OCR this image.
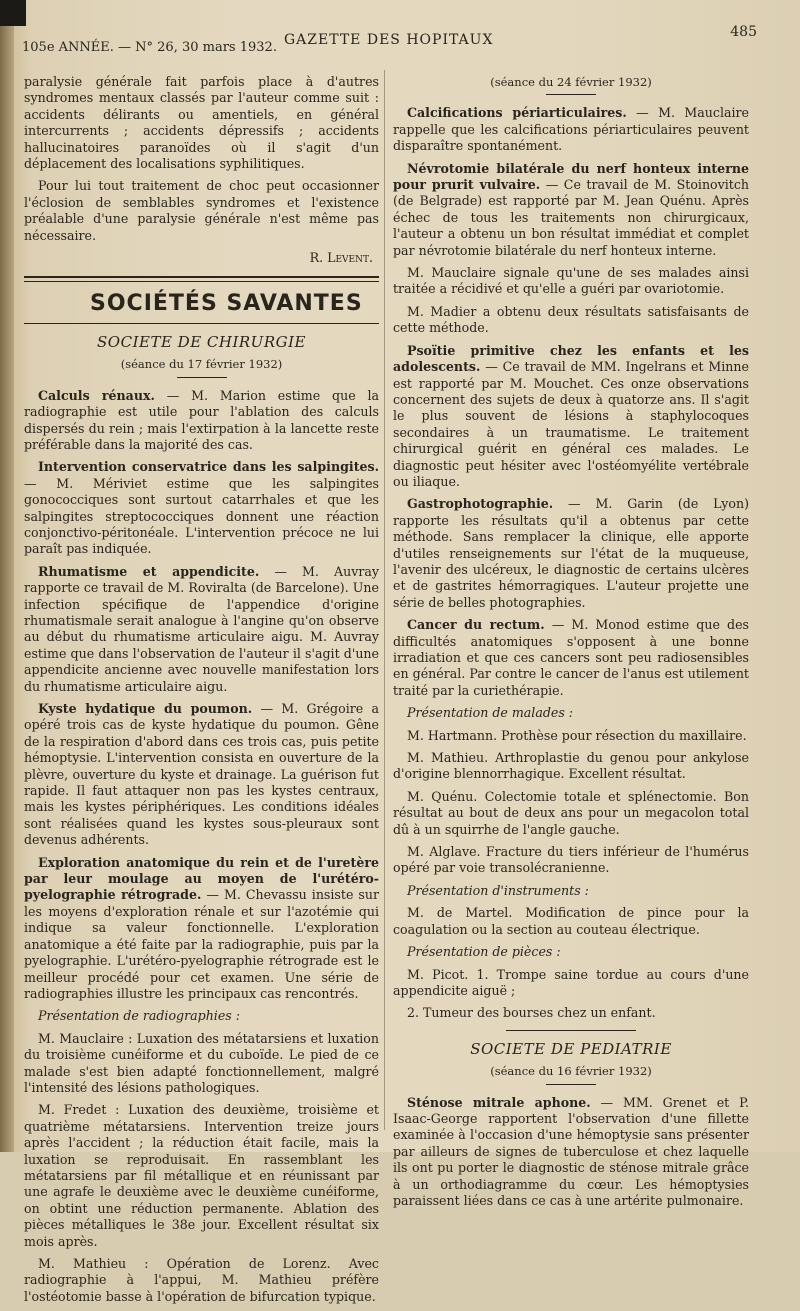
105e ANNÉE. — N° 26, 30 mars 1932. GAZETTE DES HOPITAUX	485

paralysie générale fait parfois place à d'autres syndromes mentaux classés par l'auteur comme suit : accidents délirants ou amentiels, en général intercurrents ; accidents dépressifs ; accidents hallucinatoires paranoïdes où il s'agit d'un déplacement des localisations syphilitiques.

Pour lui tout traitement de choc peut occasionner l'éclosion de semblables syndromes et l'existence préalable d'une paralysie générale n'est même pas nécessaire.

R. Levent.
SOCIÉTÉS SAVANTES
SOCIETE DE CHIRURGIE
(séance du 17 février 1932)

Calculs rénaux. — M. Marion estime que la radiographie est utile pour l'ablation des calculs dispersés du rein ; mais l'extirpation à la lancette reste préférable dans la majorité des cas.

Intervention conservatrice dans les salpingites. — M. Mériviet estime que les salpingites gonococciques sont surtout catarrhales et que les salpingites streptococciques donnent une réaction conjonctivo-péritonéale. L'intervention précoce ne lui paraît pas indiquée.

Rhumatisme et appendicite. — M. Auvray rapporte ce travail de M. Roviralta (de Barcelone). Une infection spécifique de l'appendice d'origine rhumatismale serait analogue à l'angine qu'on observe au début du rhumatisme articulaire aigu. M. Auvray estime que dans l'observation de l'auteur il s'agit d'une appendicite ancienne avec nouvelle manifestation lors du rhumatisme articulaire aigu.

Kyste hydatique du poumon. — M. Grégoire a opéré trois cas de kyste hydatique du poumon. Gêne de la respiration d'abord dans ces trois cas, puis petite hémoptysie. L'intervention consista en ouverture de la plèvre, ouverture du kyste et drainage. La guérison fut rapide. Il faut attaquer non pas les kystes centraux, mais les kystes périphériques. Les conditions idéales sont réalisées quand les kystes sous-pleuraux sont devenus adhérents.

Exploration anatomique du rein et de l'uretère par leur moulage au moyen de l'urétéro-pyelographie rétrograde. — M. Chevassu insiste sur les moyens d'exploration rénale et sur l'azotémie qui indique sa valeur fonctionnelle. L'exploration anatomique a été faite par la radiographie, puis par la pyelographie. L'urétéro-pyelographie rétrograde est le meilleur procédé pour cet examen. Une série de radiographies illustre les principaux cas rencontrés.

Présentation de radiographies :

M. Mauclaire : Luxation des métatarsiens et luxation du troisième cunéiforme et du cuboïde. Le pied de ce malade s'est bien adapté fonctionnellement, malgré l'intensité des lésions pathologiques.

M. Fredet : Luxation des deuxième, troisième et quatrième métatarsiens. Intervention treize jours après l'accident ; la réduction était facile, mais la luxation se reproduisait. En rassemblant les métatarsiens par fil métallique et en réunissant par une agrafe le deuxième avec le deuxième cunéiforme, on obtint une réduction permanente. Ablation des pièces métalliques le 38e jour. Excellent résultat six mois après.

M. Mathieu : Opération de Lorenz. Avec radiographie à l'appui, M. Mathieu préfère l'ostéotomie basse à l'opération de bifurcation typique.

(séance du 24 février 1932)

Calcifications périarticulaires. — M. Mauclaire rappelle que les calcifications périarticulaires peuvent disparaître spontanément.

Névrotomie bilatérale du nerf honteux interne pour prurit vulvaire. — Ce travail de M. Stoinovitch (de Belgrade) est rapporté par M. Jean Quénu. Après échec de tous les traitements non chirurgicaux, l'auteur a obtenu un bon résultat immédiat et complet par névrotomie bilatérale du nerf honteux interne.

M. Mauclaire signale qu'une de ses malades ainsi traitée a récidivé et qu'elle a guéri par ovariotomie.

M. Madier a obtenu deux résultats satisfaisants de cette méthode.

Psoïtie primitive chez les enfants et les adolescents. — Ce travail de MM. Ingelrans et Minne est rapporté par M. Mouchet. Ces onze observations concernent des sujets de deux à quatorze ans. Il s'agit le plus souvent de lésions à staphylocoques secondaires à un traumatisme. Le traitement chirurgical guérit en général ces malades. Le diagnostic peut hésiter avec l'ostéomyélite vertébrale ou iliaque.

Gastrophotographie. — M. Garin (de Lyon) rapporte les résultats qu'il a obtenus par cette méthode. Sans remplacer la clinique, elle apporte d'utiles renseignements sur l'état de la muqueuse, l'avenir des ulcéreux, le diagnostic de certains ulcères et de gastrites hémorragiques. L'auteur projette une série de belles photographies.

Cancer du rectum. — M. Monod estime que des difficultés anatomiques s'opposent à une bonne irradiation et que ces cancers sont peu radiosensibles en général. Par contre le cancer de l'anus est utilement traité par la curiethérapie.

Présentation de malades :

M. Hartmann. Prothèse pour résection du maxillaire.

M. Mathieu. Arthroplastie du genou pour ankylose d'origine blennorrhagique. Excellent résultat.

M. Quénu. Colectomie totale et splénectomie. Bon résultat au bout de deux ans pour un megacolon total dû à un squirrhe de l'angle gauche.

M. Alglave. Fracture du tiers inférieur de l'humérus opéré par voie transolécranienne.

Présentation d'instruments :

M. de Martel. Modification de pince pour la coagulation ou la section au couteau électrique.

Présentation de pièces :

M. Picot. 1. Trompe saine tordue au cours d'une appendicite aiguë ;

2. Tumeur des bourses chez un enfant.

SOCIETE DE PEDIATRIE
(séance du 16 février 1932)

Sténose mitrale aphone. — MM. Grenet et P. Isaac-George rapportent l'observation d'une fillette examinée à l'occasion d'une hémoptysie sans présenter par ailleurs de signes de tuberculose et chez laquelle ils ont pu porter le diagnostic de sténose mitrale grâce à un orthodiagramme du cœur. Les hémoptysies paraissent liées dans ce cas à une artérite pulmonaire.
